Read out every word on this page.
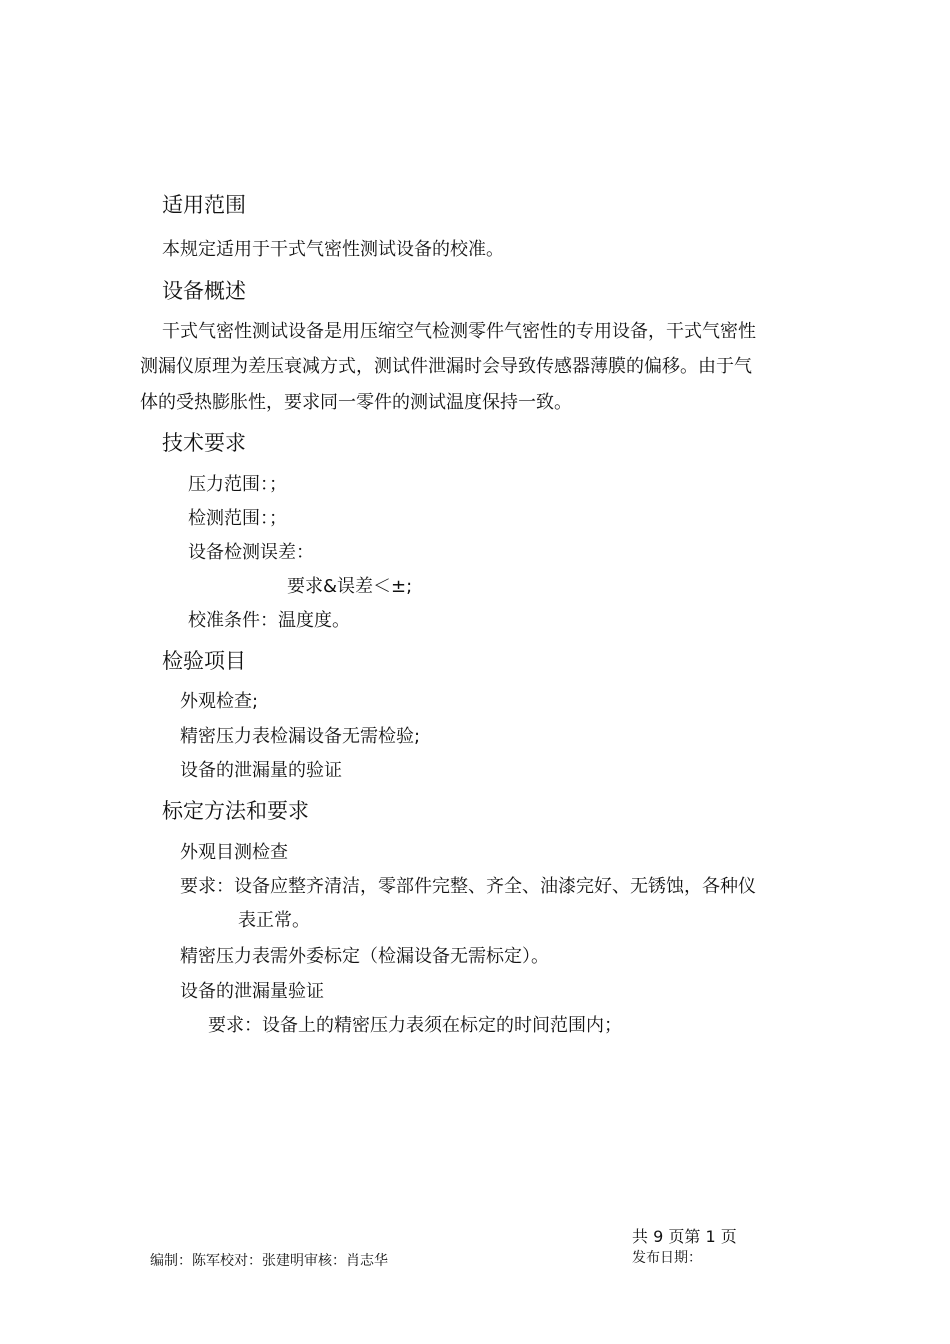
适用范围
本规定适用于干式气密性测试设备的校准。
设备概述
干式气密性测试设备是用压缩空气检测零件气密性的专用设备，干式气密性
测漏仪原理为差压衰减方式，测试件泄漏时会导致传感器薄膜的偏移。由于气
体的受热膨胀性，要求同一零件的测试温度保持一致。
技术要求
压力范围：；
检测范围：；
设备检测误差：
要求&误差＜±;
校准条件：温度度。
检验项目
外观检查;
精密压力表检漏设备无需检验;
设备的泄漏量的验证
标定方法和要求
外观目测检查
要求：设备应整齐清洁，零部件完整、齐全、油漆完好、无锈蚀，各种仪
表正常。
精密压力表需外委标定（检漏设备无需标定）。
设备的泄漏量验证
要求：设备上的精密压力表须在标定的时间范围内；
共 9 页第 1 页
发布日期：
编制：陈军校对：张建明审核：肖志华
